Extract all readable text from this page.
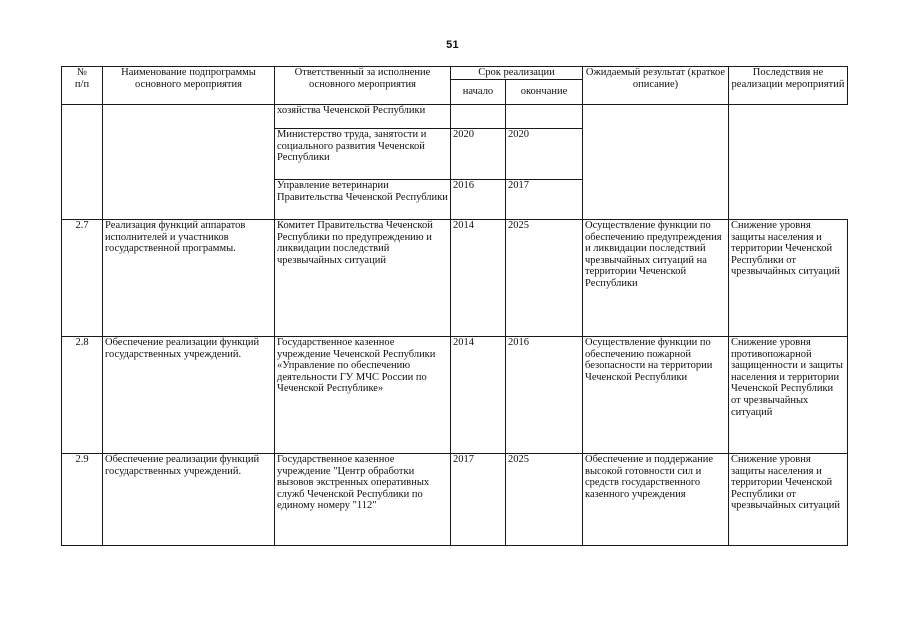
51
№
п/п	Наименование подпрограммы основного мероприятия	Ответственный за исполнение основного мероприятия	Срок реализации		Ожидаемый результат (краткое описание)	Последствия не реализации мероприятий

			начало	окончание		

		хозяйства Чеченской Республики				
		Министерство труда, занятости и социального развития Чеченской Республики	2020	2020		
		Управление ветеринарии Правительства Чеченской Республики	2016	2017		
2.7	Реализация функций аппаратов исполнителей и участников государственной программы.	Комитет Правительства Чеченской Республики по предупреждению и ликвидации последствий чрезвычайных ситуаций	2014	2025	Осуществление функции по обеспечению предупреждения и ликвидации последствий чрезвычайных ситуаций на территории Чеченской Республики	Снижение уровня защиты населения и территории Чеченской Республики от чрезвычайных ситуаций
2.8	Обеспечение реализации функций государственных учреждений.	Государственное казенное учреждение Чеченской Республики «Управление по обеспечению деятельности ГУ МЧС России по Чеченской Республике»	2014	2016	Осуществление функции по обеспечению пожарной безопасности на территории Чеченской Республики	Снижение уровня противопожарной защищенности и защиты населения и территории Чеченской Республики от чрезвычайных ситуаций
2.9	Обеспечение реализации функций государственных учреждений.	Государственное казенное учреждение "Центр обработки вызовов экстренных оперативных служб Чеченской Республики по единому номеру "112"	2017	2025	Обеспечение и поддержание высокой готовности сил и средств государственного казенного учреждения	Снижение уровня защиты населения и территории Чеченской Республики от чрезвычайных ситуаций
